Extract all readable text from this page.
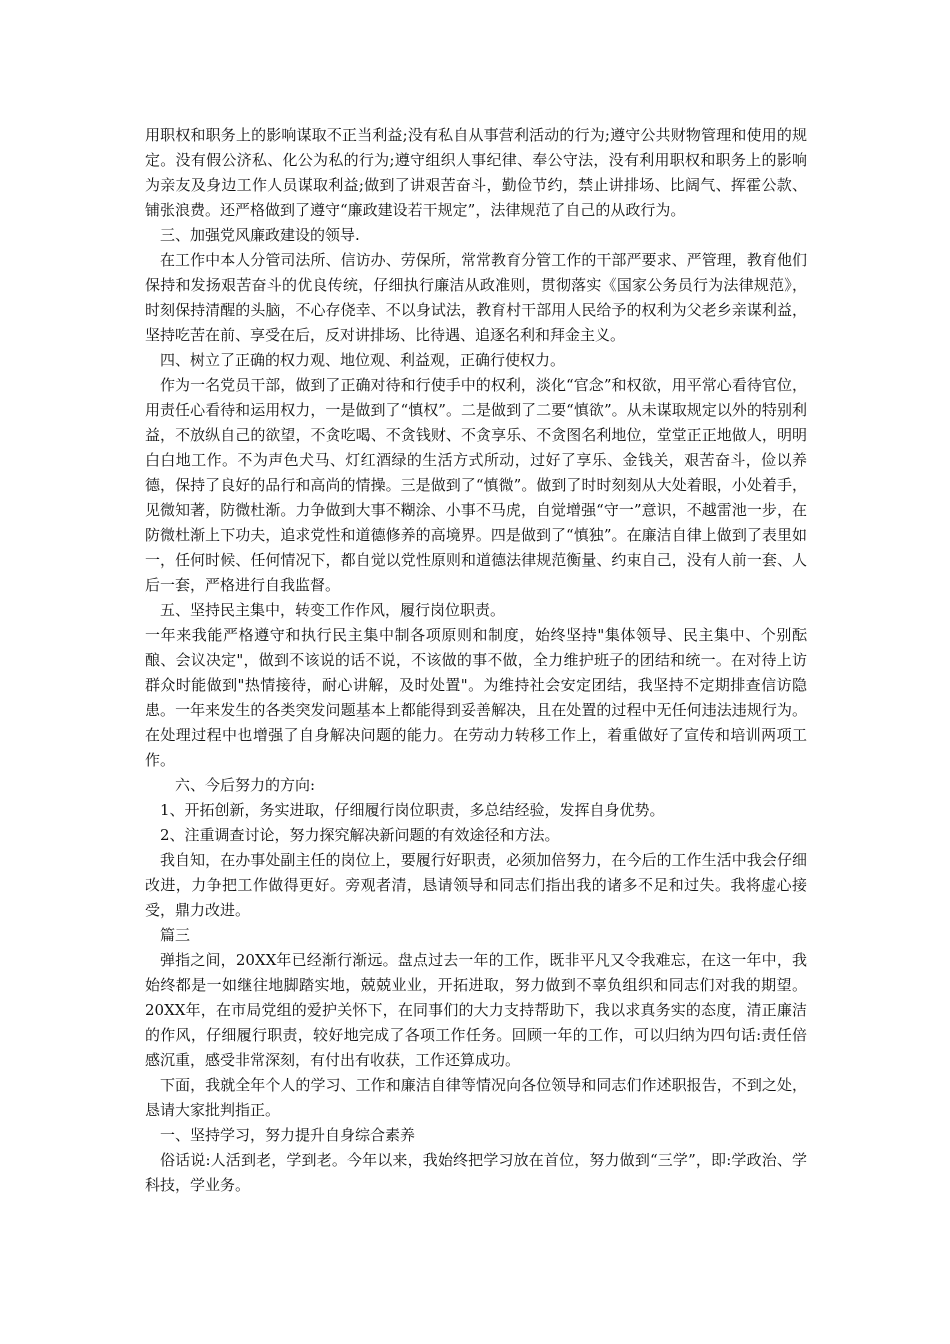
用职权和职务上的影响谋取不正当利益;没有私自从事营利活动的行为;遵守公共财物管理和使用的规定。没有假公济私、化公为私的行为;遵守组织人事纪律、奉公守法，没有利用职权和职务上的影响为亲友及身边工作人员谋取利益;做到了讲艰苦奋斗，勤俭节约，禁止讲排场、比阔气、挥霍公款、铺张浪费。还严格做到了遵守“廉政建设若干规定”，法律规范了自己的从政行为。

三、加强党风廉政建设的领导.

在工作中本人分管司法所、信访办、劳保所，常常教育分管工作的干部严要求、严管理，教育他们保持和发扬艰苦奋斗的优良传统，仔细执行廉洁从政准则，贯彻落实《国家公务员行为法律规范》，时刻保持清醒的头脑，不心存侥幸、不以身试法，教育村干部用人民给予的权利为父老乡亲谋利益，坚持吃苦在前、享受在后，反对讲排场、比待遇、追逐名利和拜金主义。

四、树立了正确的权力观、地位观、利益观，正确行使权力。

作为一名党员干部，做到了正确对待和行使手中的权利，淡化“官念”和权欲，用平常心看待官位，用责任心看待和运用权力，一是做到了“慎权”。二是做到了二要“慎欲”。从未谋取规定以外的特别利益，不放纵自己的欲望，不贪吃喝、不贪钱财、不贪享乐、不贪图名利地位，堂堂正正地做人，明明白白地工作。不为声色犬马、灯红酒绿的生活方式所动，过好了享乐、金钱关，艰苦奋斗，俭以养德，保持了良好的品行和高尚的情操。三是做到了“慎微”。做到了时时刻刻从大处着眼，小处着手，见微知著，防微杜渐。力争做到大事不糊涂、小事不马虎，自觉增强“守一”意识，不越雷池一步，在防微杜渐上下功夫，追求党性和道德修养的高境界。四是做到了“慎独”。在廉洁自律上做到了表里如一，任何时候、任何情况下，都自觉以党性原则和道德法律规范衡量、约束自己，没有人前一套、人后一套，严格进行自我监督。

五、坚持民主集中，转变工作作风，履行岗位职责。

一年来我能严格遵守和执行民主集中制各项原则和制度，始终坚持"集体领导、民主集中、个别酝酿、会议决定"，做到不该说的话不说，不该做的事不做，全力维护班子的团结和统一。在对待上访群众时能做到"热情接待，耐心讲解，及时处置"。为维持社会安定团结，我坚持不定期排查信访隐患。一年来发生的各类突发问题基本上都能得到妥善解决，且在处置的过程中无任何违法违规行为。在处理过程中也增强了自身解决问题的能力。在劳动力转移工作上，着重做好了宣传和培训两项工作。

六、今后努力的方向:

1、开拓创新，务实进取，仔细履行岗位职责，多总结经验，发挥自身优势。

2、注重调查讨论，努力探究解决新问题的有效途径和方法。

我自知，在办事处副主任的岗位上，要履行好职责，必须加倍努力，在今后的工作生活中我会仔细改进，力争把工作做得更好。旁观者清，恳请领导和同志们指出我的诸多不足和过失。我将虚心接受，鼎力改进。

篇三

弹指之间，20XX年已经渐行渐远。盘点过去一年的工作，既非平凡又令我难忘，在这一年中，我始终都是一如继往地脚踏实地，兢兢业业，开拓进取，努力做到不辜负组织和同志们对我的期望。20XX年，在市局党组的爱护关怀下，在同事们的大力支持帮助下，我以求真务实的态度，清正廉洁的作风，仔细履行职责，较好地完成了各项工作任务。回顾一年的工作，可以归纳为四句话:责任倍感沉重，感受非常深刻，有付出有收获，工作还算成功。

下面，我就全年个人的学习、工作和廉洁自律等情况向各位领导和同志们作述职报告，不到之处，恳请大家批判指正。

一、坚持学习，努力提升自身综合素养

俗话说:人活到老，学到老。今年以来，我始终把学习放在首位，努力做到“三学”，即:学政治、学科技，学业务。
